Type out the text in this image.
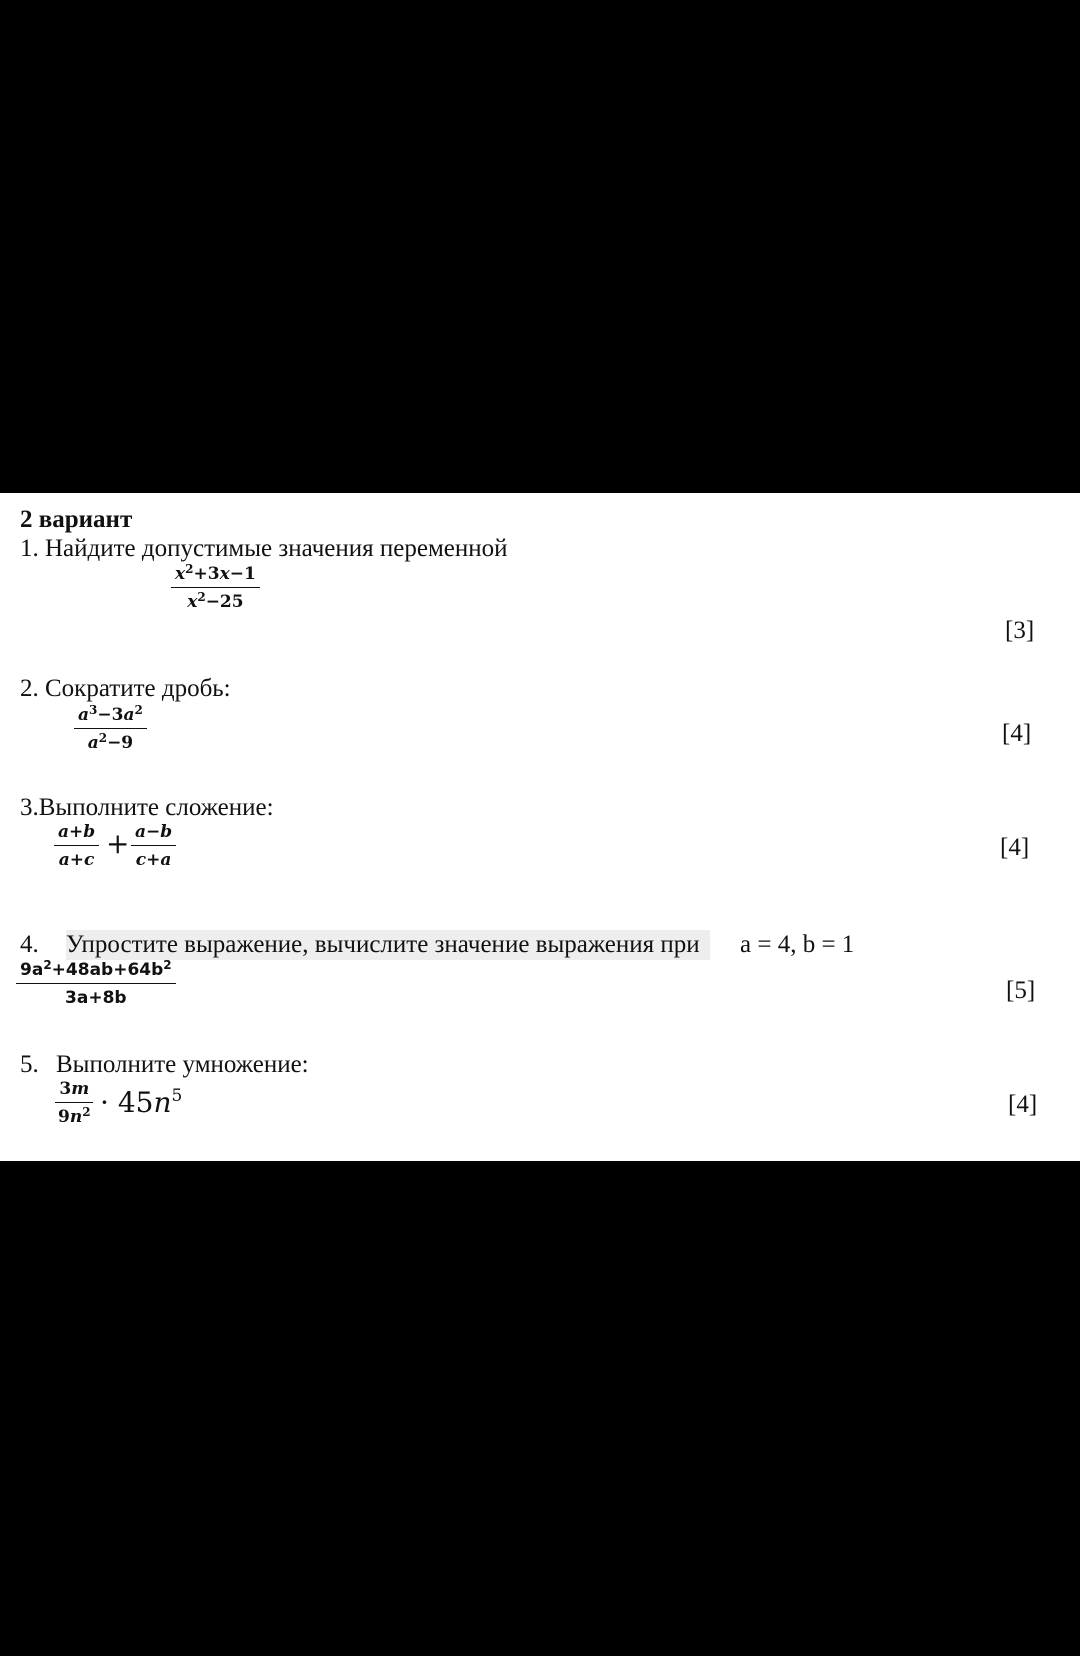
2 вариант
1. Найдите допустимые значения переменной
$\frac{x^2+3x-1}{x^2-25}$
[3]
2. Сократите дробь:
$\frac{a^3-3a^2}{a^2-9}$	[4]
3.Выполните сложение:
$\frac{a+b}{a+c} + \frac{a-b}{c+a}$	[4]
4. Упростите выражение, вычислите значение выражения при	a = 4, b = 1
$\frac{9a^2+48ab+64b^2}{3a+8b}$	[5]
5. Выполните умножение:
$\frac{3m}{9n^2} \cdot 45n^5$	[4]
